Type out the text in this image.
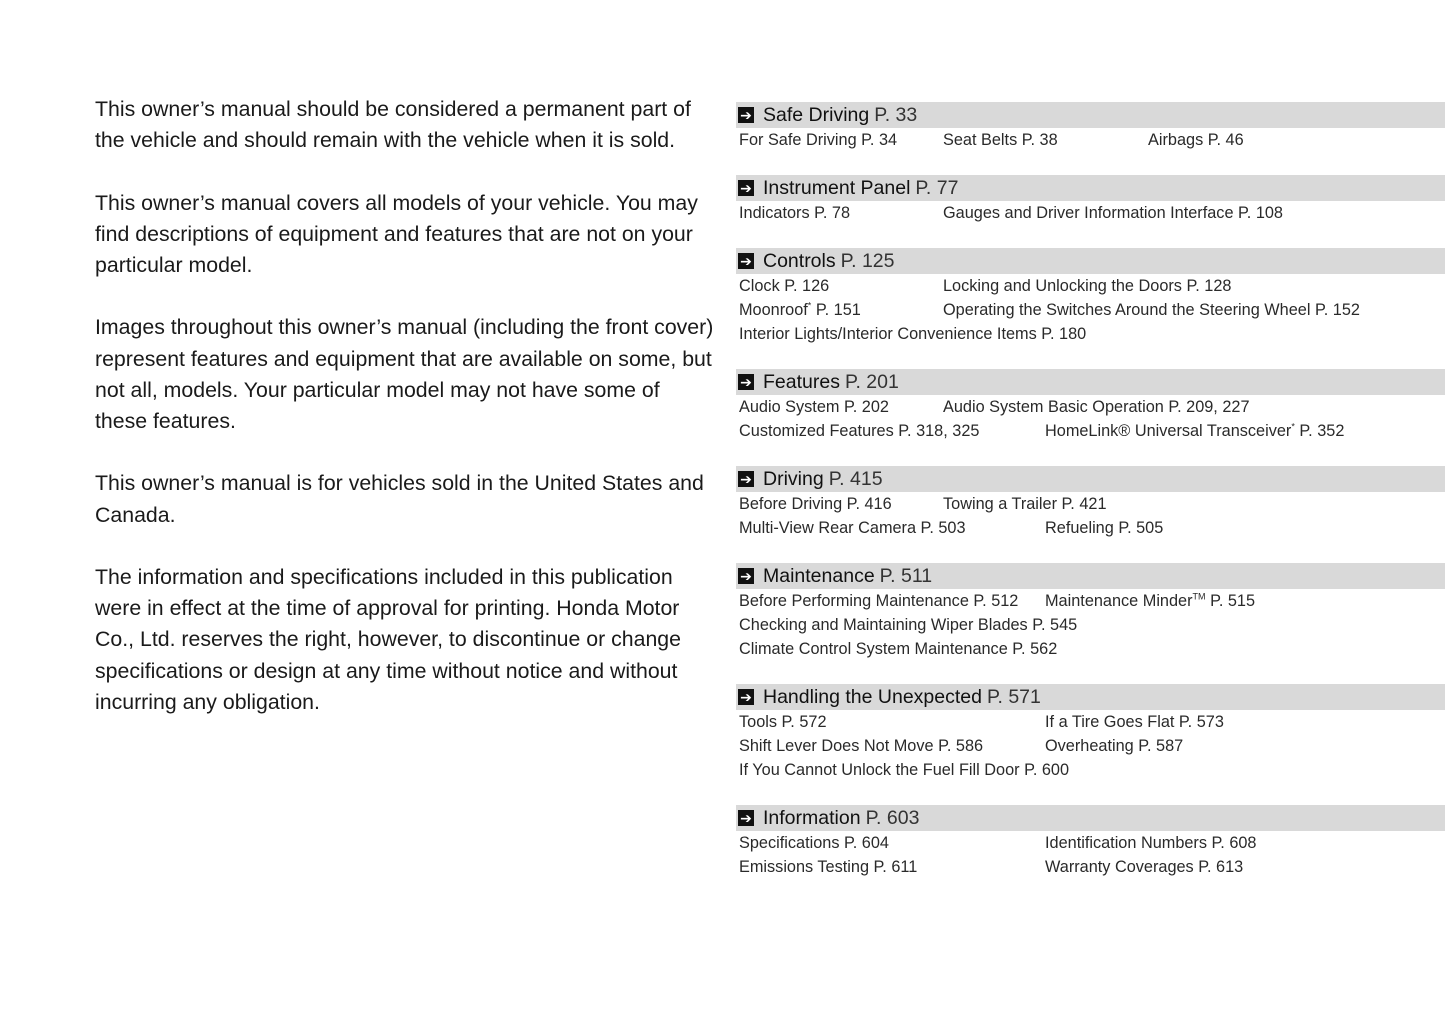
This owner’s manual should be considered a permanent part of the vehicle and should remain with the vehicle when it is sold.

This owner’s manual covers all models of your vehicle. You may find descriptions of equipment and features that are not on your particular model.

Images throughout this owner’s manual (including the front cover) represent features and equipment that are available on some, but not all, models. Your particular model may not have some of these features.

This owner’s manual is for vehicles sold in the United States and Canada.

The information and specifications included in this publication were in effect at the time of approval for printing. Honda Motor Co., Ltd. reserves the right, however, to discontinue or change specifications or design at any time without notice and without incurring any obligation.

➔ Safe Driving P. 33
For Safe Driving P. 34	Seat Belts P. 38	Airbags P. 46
➔ Instrument Panel P. 77
Indicators P. 78	Gauges and Driver Information Interface P. 108
➔ Controls P. 125
Clock P. 126	Locking and Unlocking the Doors P. 128
Moonroof* P. 151	Operating the Switches Around the Steering Wheel P. 152
Interior Lights/Interior Convenience Items P. 180
➔ Features P. 201
Audio System P. 202	Audio System Basic Operation P. 209, 227
Customized Features P. 318, 325	HomeLink® Universal Transceiver* P. 352
➔ Driving P. 415
Before Driving P. 416	Towing a Trailer P. 421
Multi-View Rear Camera P. 503	Refueling P. 505
➔ Maintenance P. 511
Before Performing Maintenance P. 512 Maintenance Minder™ P. 515
Checking and Maintaining Wiper Blades P. 545
Climate Control System Maintenance P. 562
➔ Handling the Unexpected P. 571
Tools P. 572	If a Tire Goes Flat P. 573
Shift Lever Does Not Move P. 586	Overheating P. 587
If You Cannot Unlock the Fuel Fill Door P. 600
➔ Information P. 603
Specifications P. 604	Identification Numbers P. 608
Emissions Testing P. 611	Warranty Coverages P. 613
